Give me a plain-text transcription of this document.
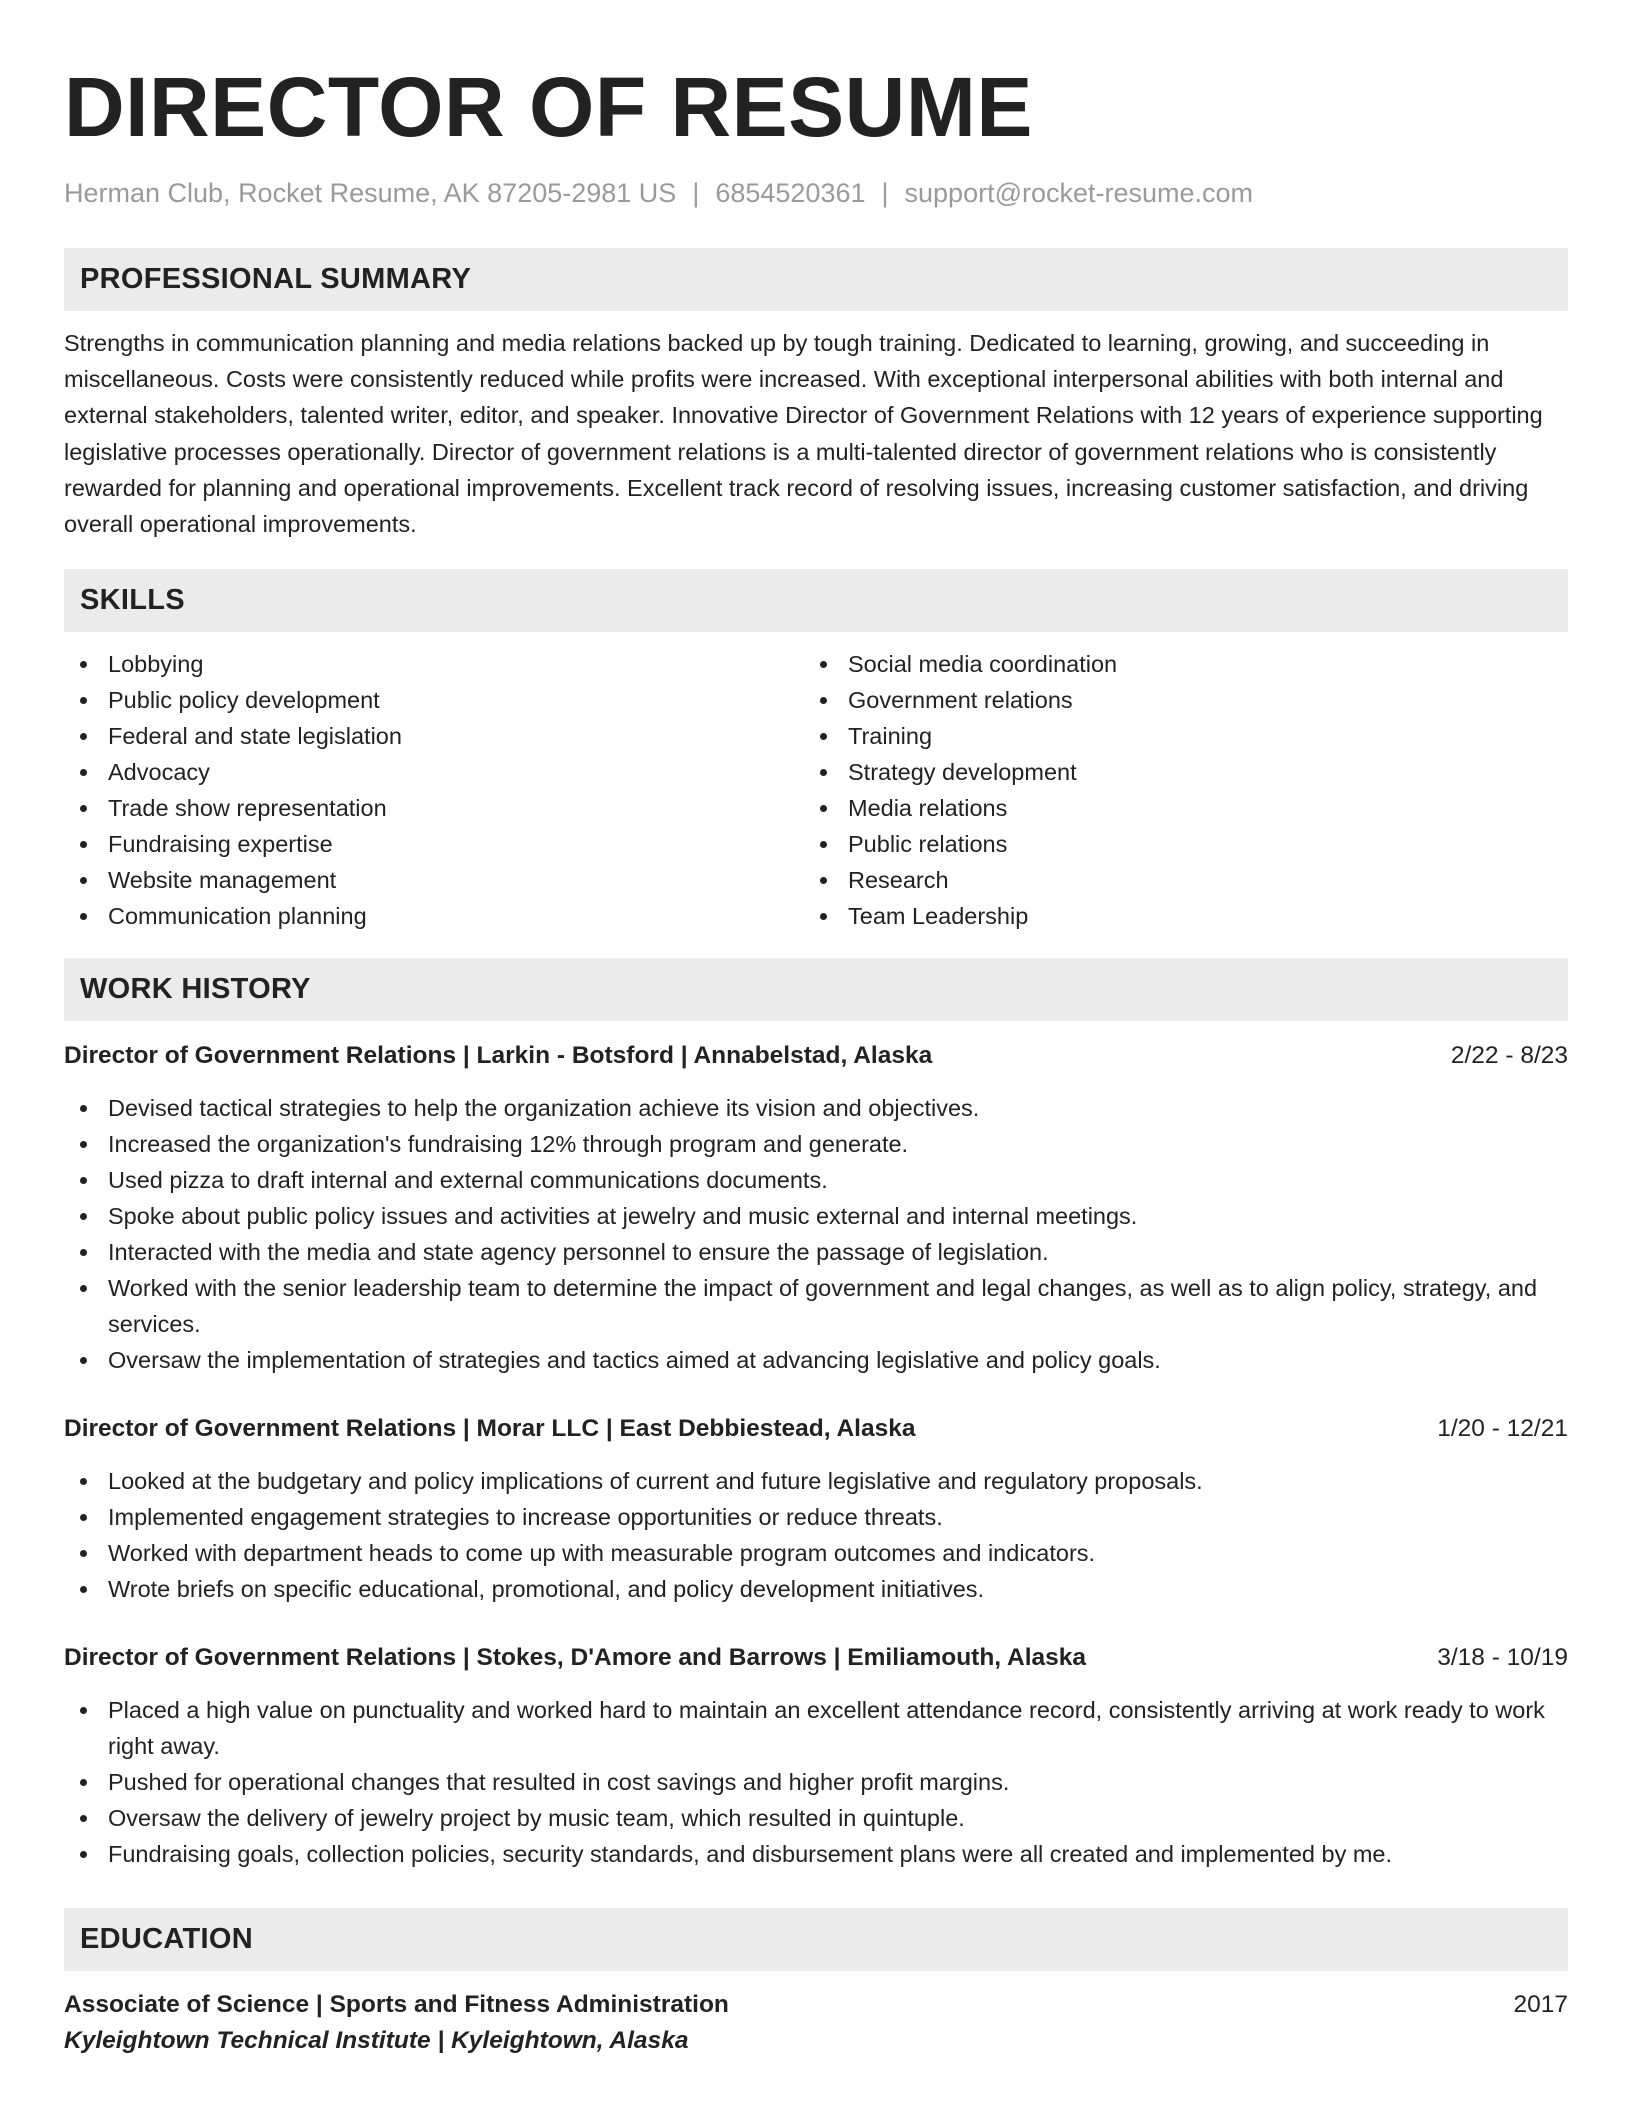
DIRECTOR OF RESUME
Herman Club, Rocket Resume, AK 87205-2981 US | 6854520361 | support@rocket-resume.com
PROFESSIONAL SUMMARY

Strengths in communication planning and media relations backed up by tough training. Dedicated to learning, growing, and succeeding in miscellaneous. Costs were consistently reduced while profits were increased. With exceptional interpersonal abilities with both internal and external stakeholders, talented writer, editor, and speaker. Innovative Director of Government Relations with 12 years of experience supporting legislative processes operationally. Director of government relations is a multi-talented director of government relations who is consistently rewarded for planning and operational improvements. Excellent track record of resolving issues, increasing customer satisfaction, and driving overall operational improvements.

SKILLS
Lobbying
Public policy development
Federal and state legislation
Advocacy
Trade show representation
Fundraising expertise
Website management
Communication planning
Social media coordination
Government relations
Training
Strategy development
Media relations
Public relations
Research
Team Leadership
WORK HISTORY
Director of Government Relations | Larkin - Botsford | Annabelstad, Alaska	2/22 - 8/23
Devised tactical strategies to help the organization achieve its vision and objectives.
Increased the organization's fundraising 12% through program and generate.
Used pizza to draft internal and external communications documents.
Spoke about public policy issues and activities at jewelry and music external and internal meetings.
Interacted with the media and state agency personnel to ensure the passage of legislation.
Worked with the senior leadership team to determine the impact of government and legal changes, as well as to align policy, strategy, and services.
Oversaw the implementation of strategies and tactics aimed at advancing legislative and policy goals.
Director of Government Relations | Morar LLC | East Debbiestead, Alaska	1/20 - 12/21
Looked at the budgetary and policy implications of current and future legislative and regulatory proposals.
Implemented engagement strategies to increase opportunities or reduce threats.
Worked with department heads to come up with measurable program outcomes and indicators.
Wrote briefs on specific educational, promotional, and policy development initiatives.
Director of Government Relations | Stokes, D'Amore and Barrows | Emiliamouth, Alaska	3/18 - 10/19
Placed a high value on punctuality and worked hard to maintain an excellent attendance record, consistently arriving at work ready to work right away.
Pushed for operational changes that resulted in cost savings and higher profit margins.
Oversaw the delivery of jewelry project by music team, which resulted in quintuple.
Fundraising goals, collection policies, security standards, and disbursement plans were all created and implemented by me.
EDUCATION
Associate of Science | Sports and Fitness Administration	2017
Kyleightown Technical Institute | Kyleightown, Alaska
